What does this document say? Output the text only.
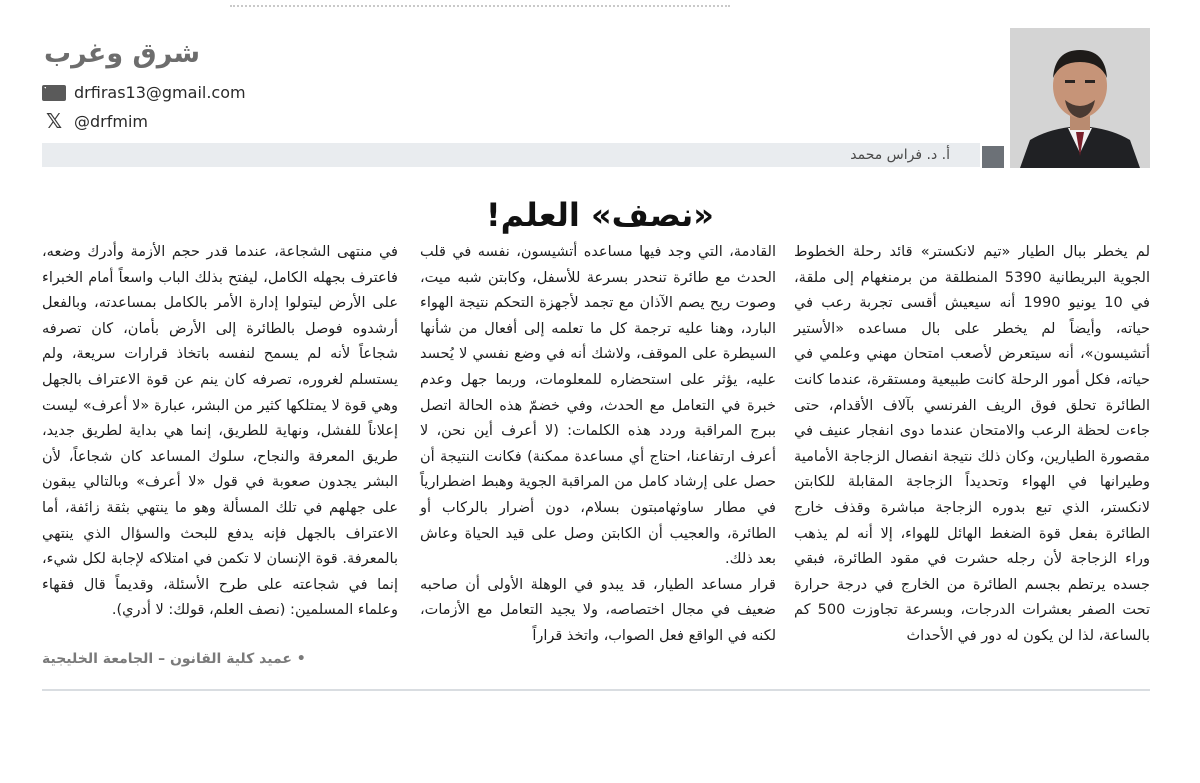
شرق وغرب
drfiras13@gmail.com
𝕏 @drfmim
أ. د. فراس محمد
«نصف» العلم!

لم يخطر ببال الطيار «تيم لانكستر» قائد رحلة الخطوط الجوية البريطانية 5390 المنطلقة من برمنغهام إلى ملقة، في 10 يونيو 1990 أنه سيعيش أقسى تجربة رعب في حياته، وأيضاً لم يخطر على بال مساعده «الأستير أتشيسون»، أنه سيتعرض لأصعب امتحان مهني وعلمي في حياته، فكل أمور الرحلة كانت طبيعية ومستقرة، عندما كانت الطائرة تحلق فوق الريف الفرنسي بآلاف الأقدام، حتى جاءت لحظة الرعب والامتحان عندما دوى انفجار عنيف في مقصورة الطيارين، وكان ذلك نتيجة انفصال الزجاجة الأمامية وطيرانها في الهواء وتحديداً الزجاجة المقابلة للكابتن لانكستر، الذي تبع بدوره الزجاجة مباشرة وقذف خارج الطائرة بفعل قوة الضغط الهائل للهواء، إلا أنه لم يذهب وراء الزجاجة لأن رجله حشرت في مقود الطائرة، فبقي جسده يرتطم بجسم الطائرة من الخارج في درجة حرارة تحت الصفر بعشرات الدرجات، وبسرعة تجاوزت 500 كم بالساعة، لذا لن يكون له دور في الأحداث

القادمة، التي وجد فيها مساعده أتشيسون، نفسه في قلب الحدث مع طائرة تنحدر بسرعة للأسفل، وكابتن شبه ميت، وصوت ريح يصم الآذان مع تجمد لأجهزة التحكم نتيجة الهواء البارد، وهنا عليه ترجمة كل ما تعلمه إلى أفعال من شأنها السيطرة على الموقف، ولاشك أنه في وضع نفسي لا يُحسد عليه، يؤثر على استحضاره للمعلومات، وربما جهل وعدم خبرة في التعامل مع الحدث، وفي خضمّ هذه الحالة اتصل ببرج المراقبة وردد هذه الكلمات: (لا أعرف أين نحن، لا أعرف ارتفاعنا، احتاج أي مساعدة ممكنة) فكانت النتيجة أن حصل على إرشاد كامل من المراقبة الجوية وهبط اضطرارياً في مطار ساوثهامبتون بسلام، دون أضرار بالركاب أو الطائرة، والعجيب أن الكابتن وصل على قيد الحياة وعاش بعد ذلك.

قرار مساعد الطيار، قد يبدو في الوهلة الأولى أن صاحبه ضعيف في مجال اختصاصه، ولا يجيد التعامل مع الأزمات، لكنه في الواقع فعل الصواب، واتخذ قراراً

في منتهى الشجاعة، عندما قدر حجم الأزمة وأدرك وضعه، فاعترف بجهله الكامل، ليفتح بذلك الباب واسعاً أمام الخبراء على الأرض ليتولوا إدارة الأمر بالكامل بمساعدته، وبالفعل أرشدوه فوصل بالطائرة إلى الأرض بأمان، كان تصرفه شجاعاً لأنه لم يسمح لنفسه باتخاذ قرارات سريعة، ولم يستسلم لغروره، تصرفه كان ينم عن قوة الاعتراف بالجهل وهي قوة لا يمتلكها كثير من البشر، عبارة «لا أعرف» ليست إعلاناً للفشل، ونهاية للطريق، إنما هي بداية لطريق جديد، طريق المعرفة والنجاح، سلوك المساعد كان شجاعاً، لأن البشر يجدون صعوبة في قول «لا أعرف» وبالتالي يبقون على جهلهم في تلك المسألة وهو ما ينتهي بثقة زائفة، أما الاعتراف بالجهل فإنه يدفع للبحث والسؤال الذي ينتهي بالمعرفة. قوة الإنسان لا تكمن في امتلاكه لإجابة لكل شيء، إنما في شجاعته على طرح الأسئلة، وقديماً قال فقهاء وعلماء المسلمين: (نصف العلم، قولك: لا أدري).

• عميد كلية القانون – الجامعة الخليجية
